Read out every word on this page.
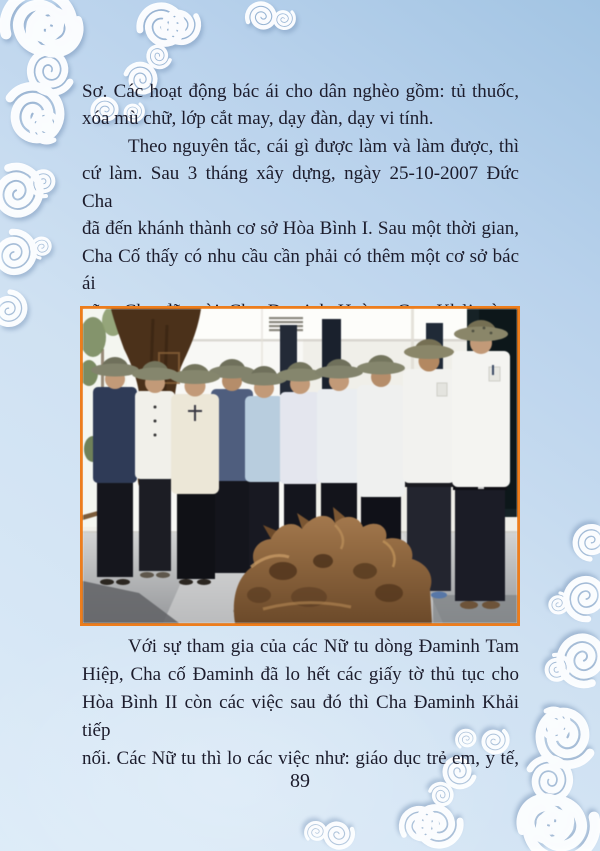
Sơ. Các hoạt động bác ái cho dân nghèo gồm: tủ thuốc,
xóa mù chữ, lớp cắt may, dạy đàn, dạy vi tính.
Theo nguyên tắc, cái gì được làm và làm được, thì
cứ làm. Sau 3 tháng xây dựng, ngày 25-10-2007 Đức Cha
đã đến khánh thành cơ sở Hòa Bình I. Sau một thời gian,
Cha Cố thấy có nhu cầu cần phải có thêm một cơ sở bác ái
Với sự tham gia của các Nữ tu dòng Đaminh Tam
Hiệp, Cha cố Đaminh đã lo hết các giấy tờ thủ tục cho
Hòa Bình II còn các việc sau đó thì Cha Đaminh Khải tiếp
nối. Các Nữ tu thì lo các việc như: giáo dục trẻ em, y tế,
89
